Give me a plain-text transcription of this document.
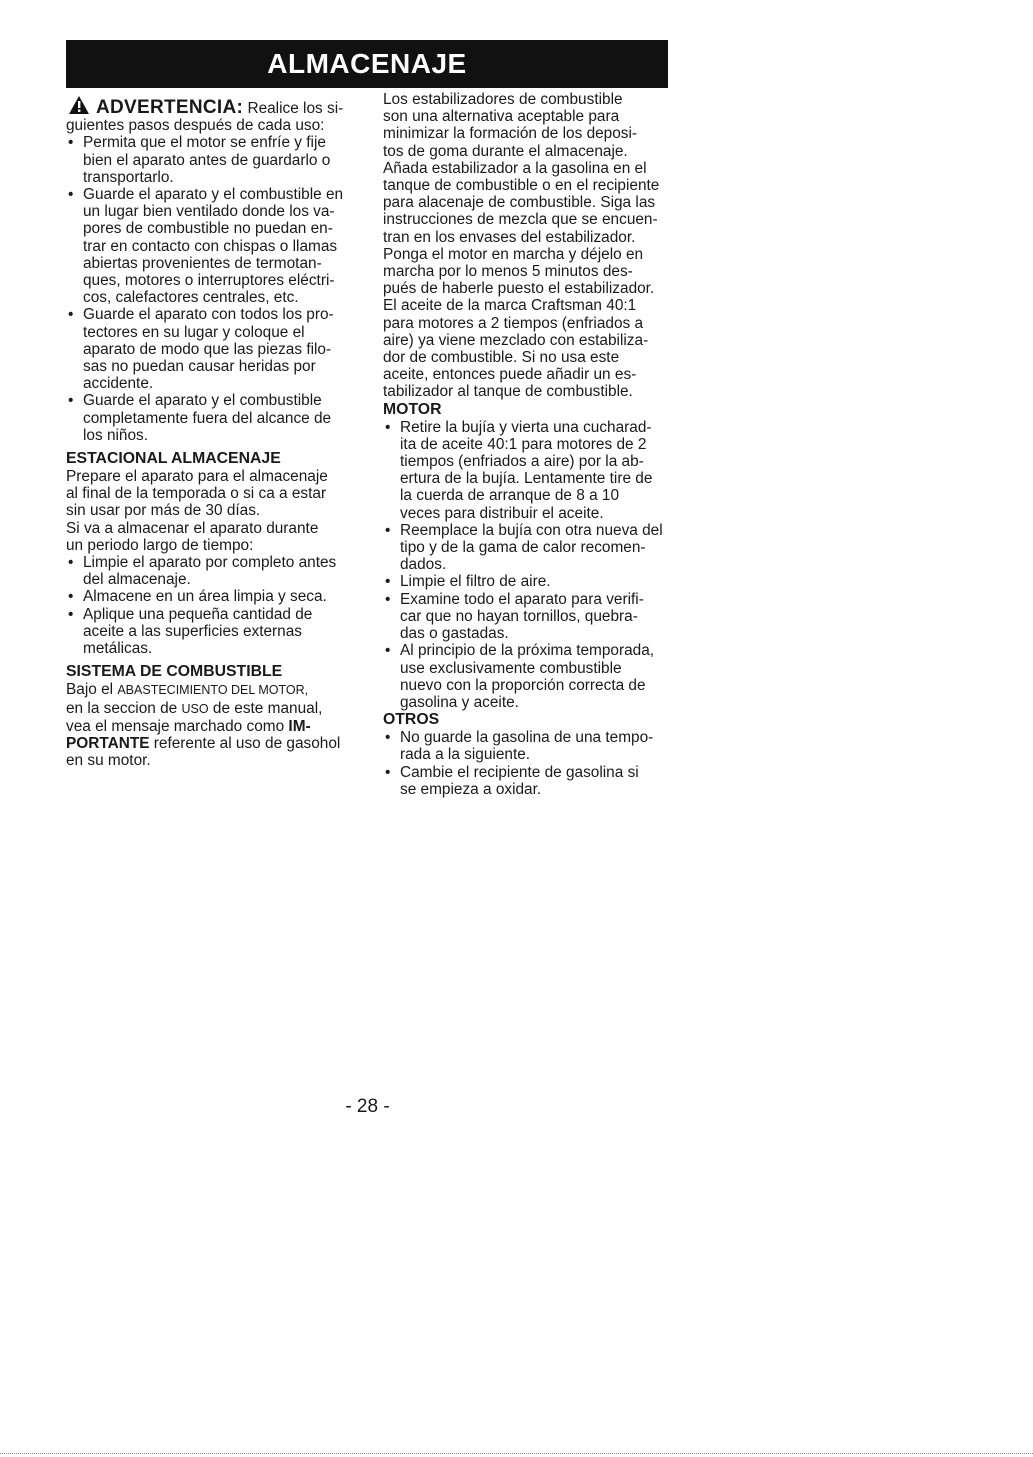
ALMACENAJE
ADVERTENCIA: Realice los si-
guientes pasos después de cada uso:
• Permita que el motor se enfríe y fije
bien el aparato antes de guardarlo o
transportarlo.
• Guarde el aparato y el combustible en
un lugar bien ventilado donde los va-
pores de combustible no puedan en-
trar en contacto con chispas o llamas
abiertas provenientes de termotan-
ques, motores o interruptores eléctri-
cos, calefactores centrales, etc.
• Guarde el aparato con todos los pro-
tectores en su lugar y coloque el
aparato de modo que las piezas filo-
sas no puedan causar heridas por
accidente.
• Guarde el aparato y el combustible
completamente fuera del alcance de
los niños.
ESTACIONAL ALMACENAJE
Prepare el aparato para el almacenaje
al final de la temporada o si ca a estar
sin usar por más de 30 días.
Si va a almacenar el aparato durante
un periodo largo de tiempo:
• Limpie el aparato por completo antes
del almacenaje.
• Almacene en un área limpia y seca.
• Aplique una pequeña cantidad de
aceite a las superficies externas
metálicas.
SISTEMA DE COMBUSTIBLE
Bajo el ABASTECIMIENTO DEL MOTOR,
en la seccion de USO de este manual,
vea el mensaje marchado como IM-
PORTANTE referente al uso de gasohol
en su motor.
Los estabilizadores de combustible
son una alternativa aceptable para
minimizar la formación de los deposi-
tos de goma durante el almacenaje.
Añada estabilizador a la gasolina en el
tanque de combustible o en el recipiente
para alacenaje de combustible. Siga las
instrucciones de mezcla que se encuen-
tran en los envases del estabilizador.
Ponga el motor en marcha y déjelo en
marcha por lo menos 5 minutos des-
pués de haberle puesto el estabilizador.
El aceite de la marca Craftsman 40:1
para motores a 2 tiempos (enfriados a
aire) ya viene mezclado con estabiliza-
dor de combustible. Si no usa este
aceite, entonces puede añadir un es-
tabilizador al tanque de combustible.
MOTOR
• Retire la bujía y vierta una cucharad-
ita de aceite 40:1 para motores de 2
tiempos (enfriados a aire) por la ab-
ertura de la bujía. Lentamente tire de
la cuerda de arranque de 8 a 10
veces para distribuir el aceite.
• Reemplace la bujía con otra nueva del
tipo y de la gama de calor recomen-
dados.
• Limpie el filtro de aire.
• Examine todo el aparato para verifi-
car que no hayan tornillos, quebra-
das o gastadas.
• Al principio de la próxima temporada,
use exclusivamente combustible
nuevo con la proporción correcta de
gasolina y aceite.
OTROS
• No guarde la gasolina de una tempo-
rada a la siguiente.
• Cambie el recipiente de gasolina si
se empieza a oxidar.
- 28 -
